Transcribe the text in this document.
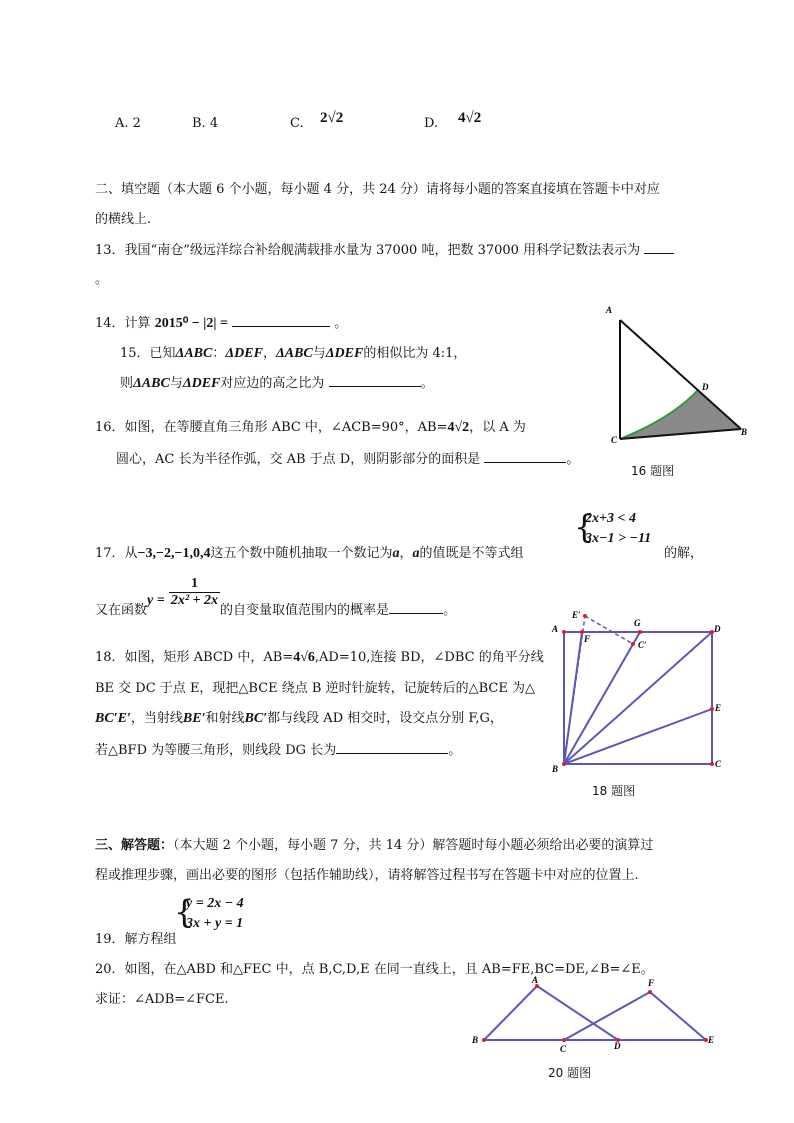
A. 2	B. 4	C. 2√2	D. 4√2
二、填空题（本大题 6 个小题，每小题 4 分，共 24 分）请将每小题的答案直接填在答题卡中对应
的横线上.
13．我国“南仓”级远洋综合补给舰满载排水量为 37000 吨，把数 37000 用科学记数法表示为
。
14．计算 2015⁰ − |2| =	。
15．已知ΔABC：ΔDEF，ΔABC与ΔDEF的相似比为 4:1，
则ΔABC与ΔDEF对应边的高之比为	。
16．如图，在等腰直角三角形 ABC 中，∠ACB=90°，AB=4√2，以 A 为
圆心，AC 长为半径作弧，交 AB 于点 D，则阴影部分的面积是	。
A
D
C
B
16 题图
17．从−3,−2,−1,0,4这五个数中随机抽取一个数记为a，a的值既是不等式组
{
2x+3 < 4
3x−1 > −11
的解，
又在函数$y = \frac{1}{\text{2x² + 2x}}$
的自变量取值范围内的概率是	。
18．如图，矩形 ABCD 中，AB=4√6,AD=10,连接 BD，∠DBC 的角平分线
BE 交 DC 于点 E，现把△BCE 绕点 B 逆时针旋转，记旋转后的△BCE 为△
BC′E′，当射线BE′和射线BC′都与线段 AD 相交时，设交点分别 F,G，
若△BFD 为等腰三角形，则线段 DG 长为	。
A
E′
F
G
C′
D
E
C
B
18 题图
三、解答题：（本大题 2 个小题，每小题 7 分，共 14 分）解答题时每小题必须给出必要的演算过
程或推理步骤，画出必要的图形（包括作辅助线），请将解答过程书写在答题卡中对应的位置上.
19．解方程组
{
y = 2x − 4
3x + y = 1
20．如图，在△ABD 和△FEC 中，点 B,C,D,E 在同一直线上，且 AB=FE,BC=DE,∠B=∠E。
求证：∠ADB=∠FCE.
A
B
C	D
F
E
20 题图
